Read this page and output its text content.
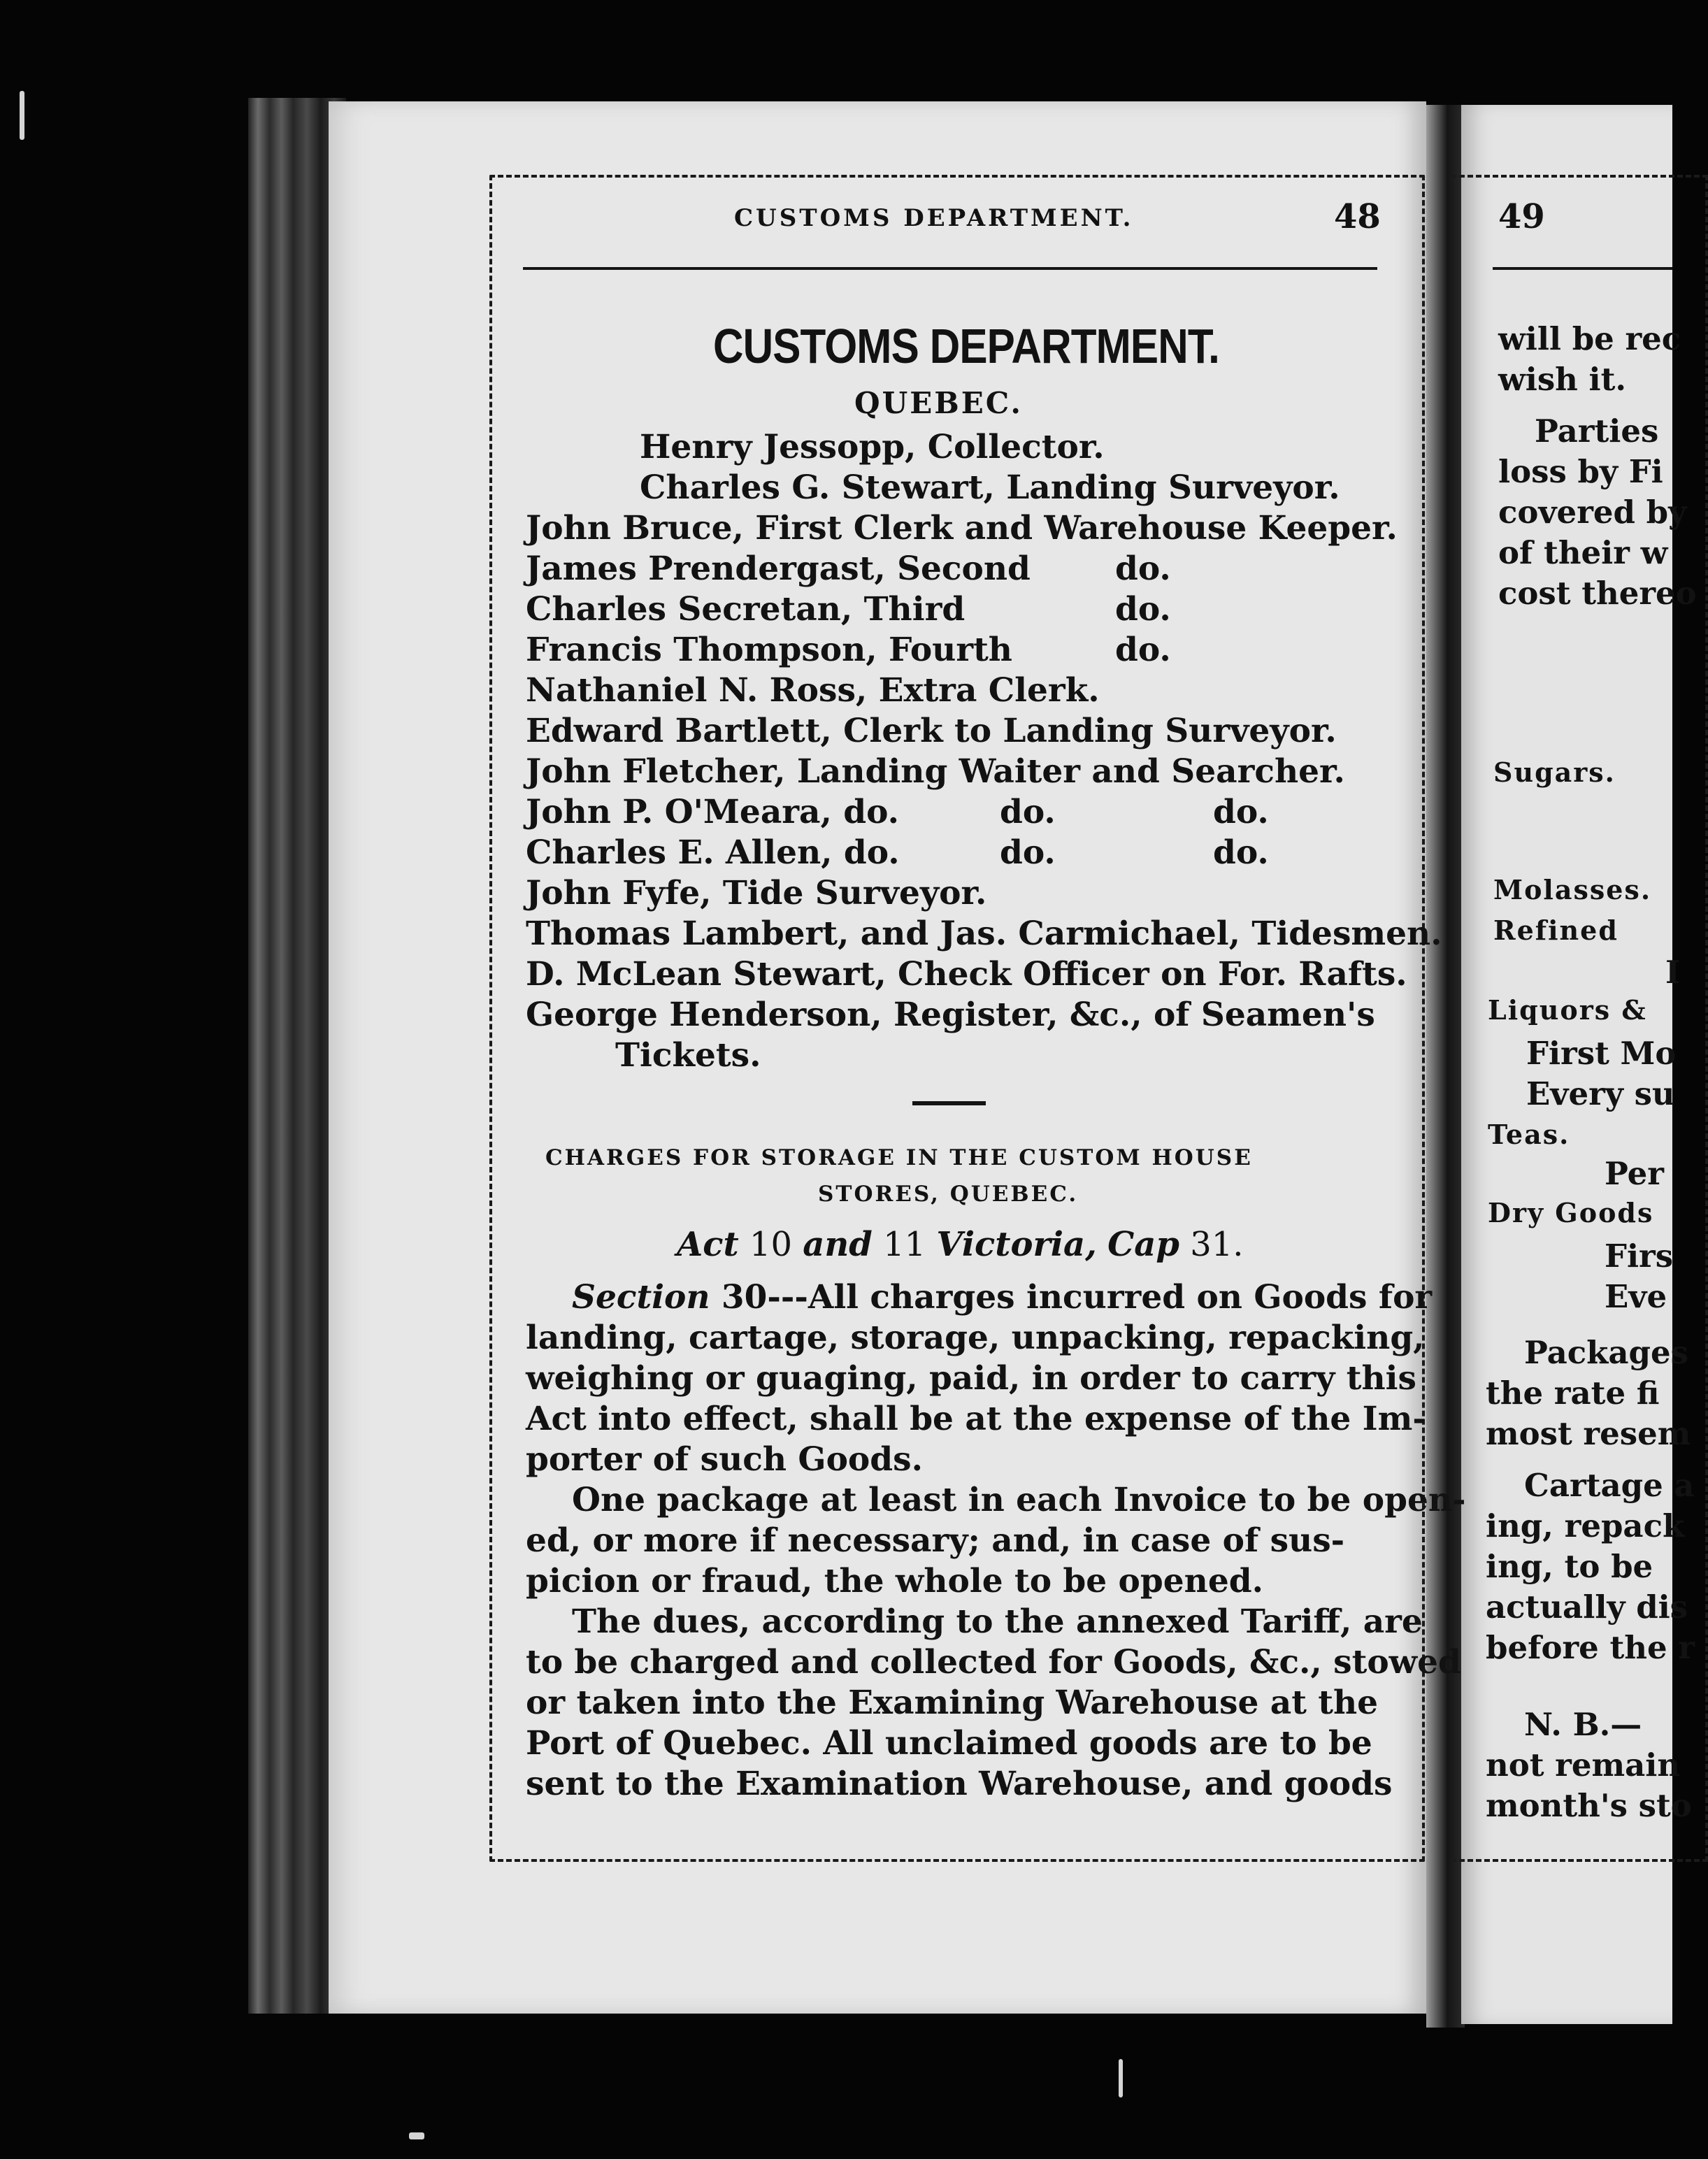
CUSTOMS DEPARTMENT.	48	49
CUSTOMS DEPARTMENT.
QUEBEC.
Henry Jessopp, Collector.
Charles G. Stewart, Landing Surveyor.
John Bruce, First Clerk and Warehouse Keeper.
James Prendergast, Second	do.
Charles Secretan, Third	do.
Francis Thompson, Fourth	do.
Nathaniel N. Ross, Extra Clerk.
Edward Bartlett, Clerk to Landing Surveyor.
John Fletcher, Landing Waiter and Searcher.
John P. O'Meara, do.	do.	do.
Charles E. Allen, do.	do.	do.
John Fyfe, Tide Surveyor.
Thomas Lambert, and Jas. Carmichael, Tidesmen.
D. McLean Stewart, Check Officer on For. Rafts.
George Henderson, Register, &c., of Seamen's
Tickets.
CHARGES FOR STORAGE IN THE CUSTOM HOUSE
STORES, QUEBEC.
Act 10 and 11 Victoria, Cap 31.
Section 30---All charges incurred on Goods for
landing, cartage, storage, unpacking, repacking,
weighing or guaging, paid, in order to carry this
Act into effect, shall be at the expense of the Im-
porter of such Goods.
One package at least in each Invoice to be open-
ed, or more if necessary; and, in case of sus-
picion or fraud, the whole to be opened.
The dues, according to the annexed Tariff, are
to be charged and collected for Goods, &c., stowed
or taken into the Examining Warehouse at the
Port of Quebec. All unclaimed goods are to be
sent to the Examination Warehouse, and goods
will be rec
wish it.
Parties
loss by Fi
covered by
of their w
cost thereo
Sugars.
Molasses.
Refined
I
Liquors &
First Mo
Every su
Teas.
Per
Dry Goods
Firs
Eve
Packages
the rate fi
most resem
Cartage a
ing, repack
ing, to be
actually dis
before the r
N. B.—
not remain
month's sto
